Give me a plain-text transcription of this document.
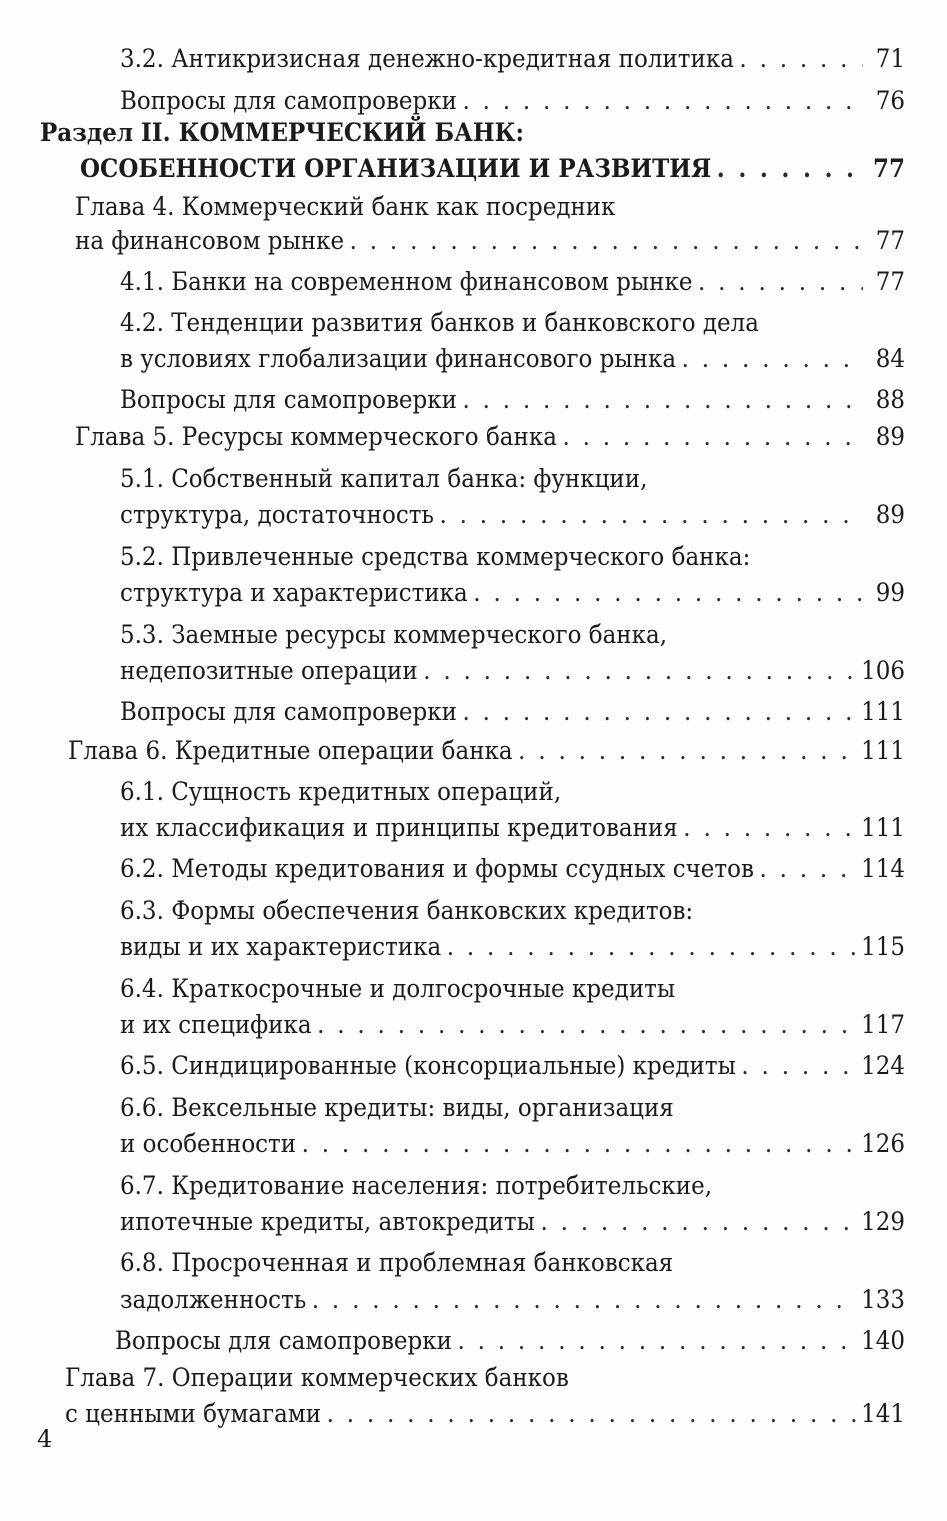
3.2. Антикризисная денежно-кредитная политика . . .	71
Вопросы для самопроверки . . .	76
Раздел II. КОММЕРЧЕСКИЙ БАНК:
ОСОБЕННОСТИ ОРГАНИЗАЦИИ И РАЗВИТИЯ . . .	77
Глава 4. Коммерческий банк как посредник
на финансовом рынке . . .	77
4.1. Банки на современном финансовом рынке . . .	77
4.2. Тенденции развития банков и банковского дела
в условиях глобализации финансового рынка . . .	84
Вопросы для самопроверки . . .	88
Глава 5. Ресурсы коммерческого банка . . .	89
5.1. Собственный капитал банка: функции,
структура, достаточность . . .	89
5.2. Привлеченные средства коммерческого банка:
структура и характеристика . . .	99
5.3. Заемные ресурсы коммерческого банка,
недепозитные операции . . .	106
Вопросы для самопроверки . . .	111
Глава 6. Кредитные операции банка . . .	111
6.1. Сущность кредитных операций,
их классификация и принципы кредитования . . .	111
6.2. Методы кредитования и формы ссудных счетов . . .	114
6.3. Формы обеспечения банковских кредитов:
виды и их характеристика . . .	115
6.4. Краткосрочные и долгосрочные кредиты
и их специфика . . .	117
6.5. Синдицированные (консорциальные) кредиты . . .	124
6.6. Вексельные кредиты: виды, организация
и особенности . . .	126
6.7. Кредитование населения: потребительские,
ипотечные кредиты, автокредиты . . .	129
6.8. Просроченная и проблемная банковская
задолженность . . .	133
Вопросы для самопроверки . . .	140
Глава 7. Операции коммерческих банков
с ценными бумагами . . .	141
4
